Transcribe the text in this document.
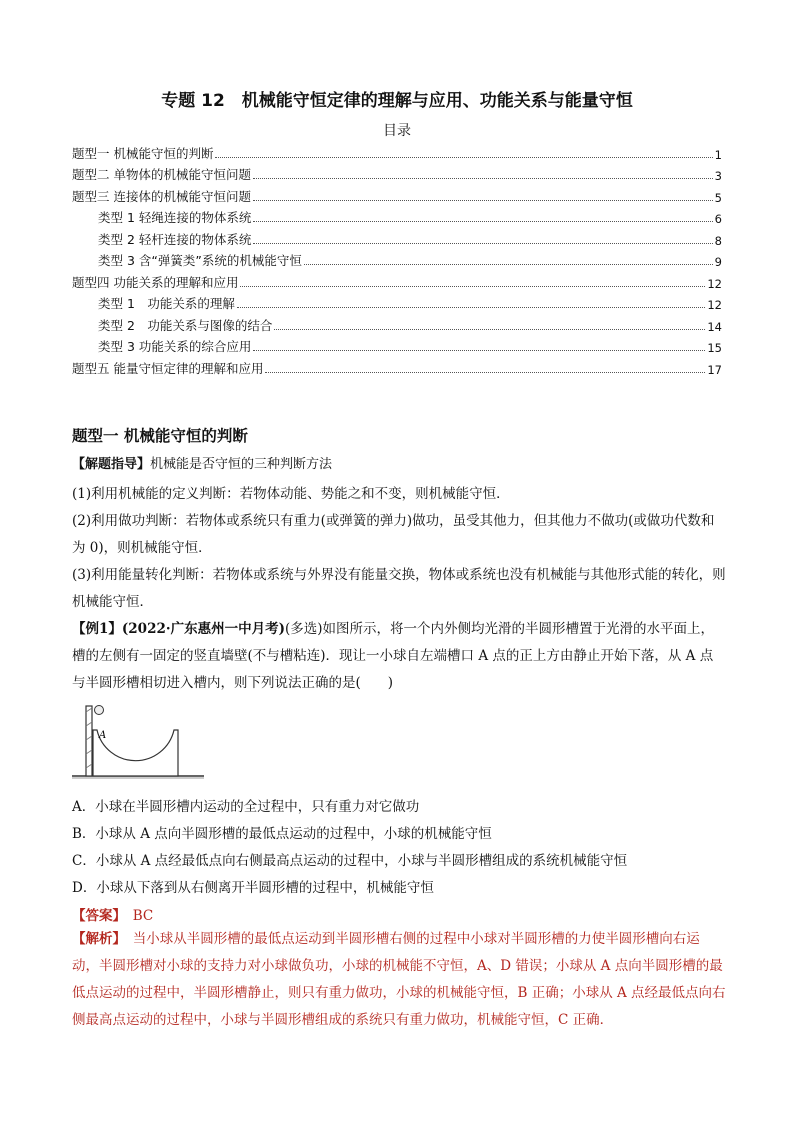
专题 12　机械能守恒定律的理解与应用、功能关系与能量守恒
目录
题型一 机械能守恒的判断	1
题型二 单物体的机械能守恒问题	3
题型三 连接体的机械能守恒问题	5
类型 1 轻绳连接的物体系统	6
类型 2 轻杆连接的物体系统	8
类型 3 含“弹簧类”系统的机械能守恒	9
题型四 功能关系的理解和应用	12
类型 1　功能关系的理解	12
类型 2　功能关系与图像的结合	14
类型 3 功能关系的综合应用	15
题型五 能量守恒定律的理解和应用	17
题型一 机械能守恒的判断
【解题指导】机械能是否守恒的三种判断方法
(1)利用机械能的定义判断：若物体动能、势能之和不变，则机械能守恒．
(2)利用做功判断：若物体或系统只有重力(或弹簧的弹力)做功，虽受其他力，但其他力不做功(或做功代数和为 0)，则机械能守恒．
(3)利用能量转化判断：若物体或系统与外界没有能量交换，物体或系统也没有机械能与其他形式能的转化，则机械能守恒．
【例1】(2022·广东惠州一中月考)(多选)如图所示，将一个内外侧均光滑的半圆形槽置于光滑的水平面上，槽的左侧有一固定的竖直墙壁(不与槽粘连)．现让一小球自左端槽口 A 点的正上方由静止开始下落，从 A 点与半圆形槽相切进入槽内，则下列说法正确的是(　　)
A
A．小球在半圆形槽内运动的全过程中，只有重力对它做功
B．小球从 A 点向半圆形槽的最低点运动的过程中，小球的机械能守恒
C．小球从 A 点经最低点向右侧最高点运动的过程中，小球与半圆形槽组成的系统机械能守恒
D．小球从下落到从右侧离开半圆形槽的过程中，机械能守恒
【答案】　 BC
【解析】　 当小球从半圆形槽的最低点运动到半圆形槽右侧的过程中小球对半圆形槽的力使半圆形槽向右运动，半圆形槽对小球的支持力对小球做负功，小球的机械能不守恒，A、D 错误；小球从 A 点向半圆形槽的最低点运动的过程中，半圆形槽静止，则只有重力做功，小球的机械能守恒，B 正确；小球从 A 点经最低点向右侧最高点运动的过程中，小球与半圆形槽组成的系统只有重力做功，机械能守恒，C 正确．
